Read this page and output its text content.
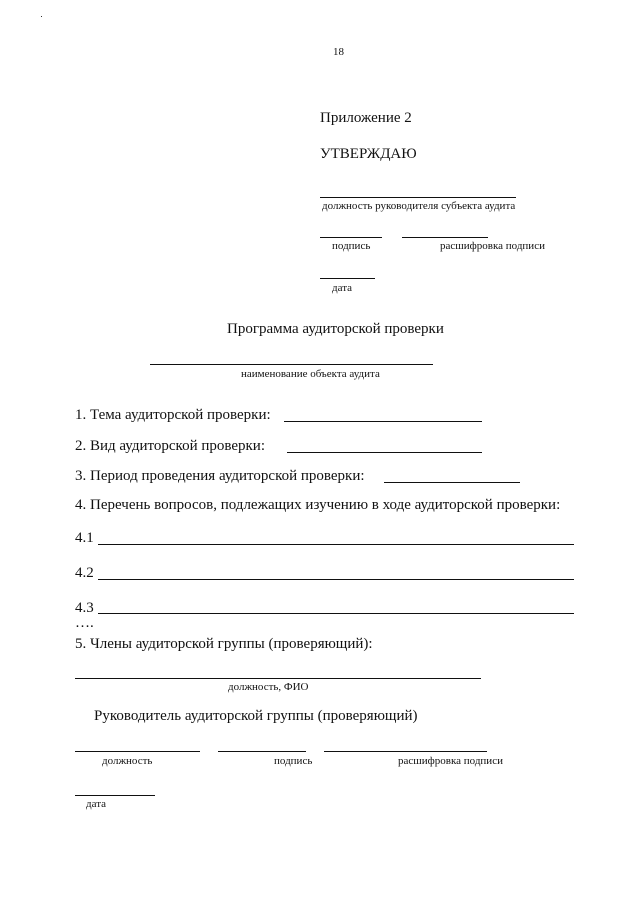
18
Приложение 2
УТВЕРЖДАЮ
должность руководителя субъекта аудита
подпись	расшифровка подписи
дата
Программа аудиторской проверки
наименование объекта аудита
1. Тема аудиторской проверки:
2. Вид аудиторской проверки:
3. Период проведения аудиторской проверки:
4. Перечень вопросов, подлежащих изучению в ходе аудиторской проверки:
4.1
4.2
4.3
….
5. Члены аудиторской группы (проверяющий):
должность, ФИО
Руководитель аудиторской группы (проверяющий)
должность	подпись	расшифровка подписи
дата
